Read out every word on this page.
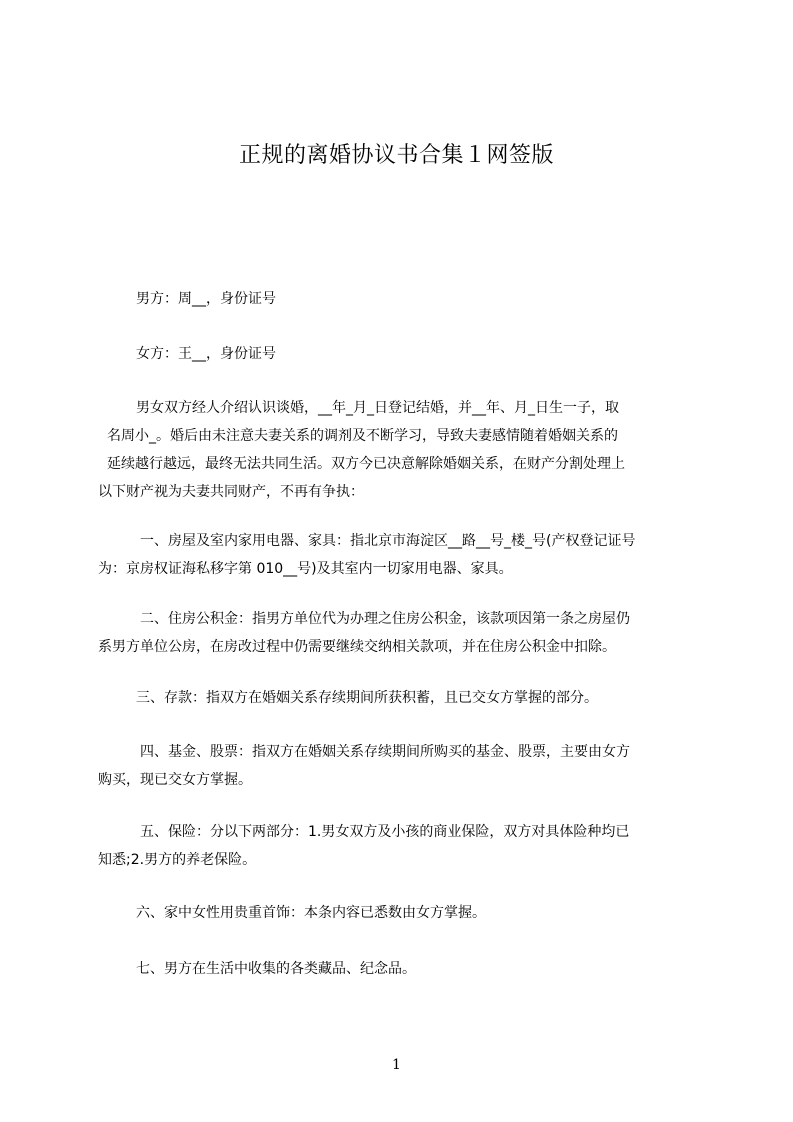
正规的离婚协议书合集１网签版
男方：周__，身份证号
女方：王__，身份证号
男女双方经人介绍认识谈婚，__年_月_日登记结婚，并__年、月_日生一子，取
名周小_。婚后由未注意夫妻关系的调剂及不断学习，导致夫妻感情随着婚姻关系的
延续越行越远，最终无法共同生活。双方今已决意解除婚姻关系，在财产分割处理上
以下财产视为夫妻共同财产，不再有争执：
一、房屋及室内家用电器、家具：指北京市海淀区__路__号_楼_号(产权登记证号
为：京房权证海私移字第 010__号)及其室内一切家用电器、家具。
二、住房公积金：指男方单位代为办理之住房公积金，该款项因第一条之房屋仍
系男方单位公房，在房改过程中仍需要继续交纳相关款项，并在住房公积金中扣除。
三、存款：指双方在婚姻关系存续期间所获积蓄，且已交女方掌握的部分。
四、基金、股票：指双方在婚姻关系存续期间所购买的基金、股票，主要由女方
购买，现已交女方掌握。
五、保险：分以下两部分：1.男女双方及小孩的商业保险，双方对具体险种均已
知悉;2.男方的养老保险。
六、家中女性用贵重首饰：本条内容已悉数由女方掌握。
七、男方在生活中收集的各类藏品、纪念品。
1
